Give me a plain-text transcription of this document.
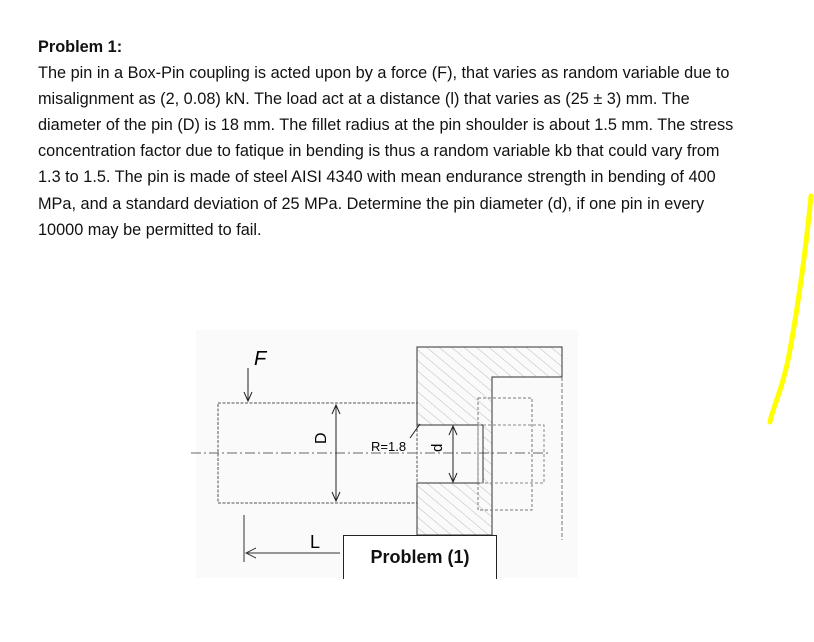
Problem 1:

The pin in a Box-Pin coupling is acted upon by a force (F), that varies as random variable due to misalignment as (2, 0.08) kN. The load act at a distance (l) that varies as (25 ± 3) mm. The diameter of the pin (D) is 18 mm. The fillet radius at the pin shoulder is about 1.5 mm. The stress concentration factor due to fatique in bending is thus a random variable kb that could vary from 1.3 to 1.5. The pin is made of steel AISI 4340 with mean endurance strength in bending of 400 MPa, and a standard deviation of 25 MPa. Determine the pin diameter (d), if one pin in every 10000 may be permitted to fail.

F
D
R=1.8 d
L
Problem (1)
